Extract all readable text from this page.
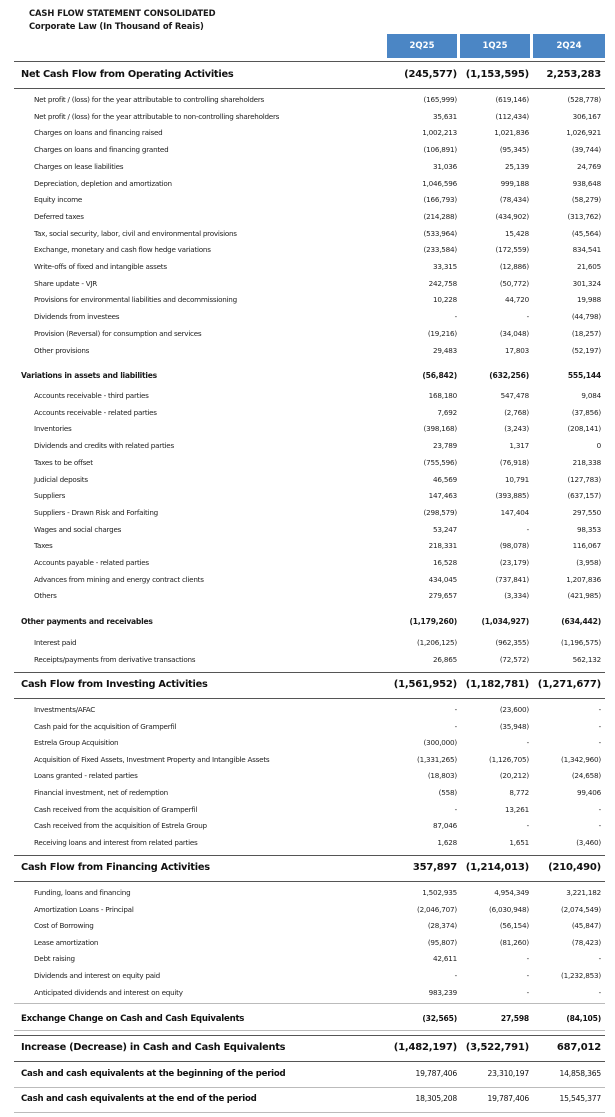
CASH FLOW STATEMENT CONSOLIDATED
Corporate Law (In Thousand of Reais)
2Q25	1Q25	2Q24
Net Cash Flow from Operating Activities	(245,577) (1,153,595) 2,253,283
Net profit / (loss) for the year attributable to controlling shareholders	(165,999)	(619,146)	(528,778)
Net profit / (loss) for the year attributable to non-controlling shareholders	35,631	(112,434)	306,167
Charges on loans and financing raised	1,002,213	1,021,836	1,026,921
Charges on loans and financing granted	(106,891)	(95,345)	(39,744)
Charges on lease liabilities	31,036	25,139	24,769
Depreciation, depletion and amortization	1,046,596	999,188	938,648
Equity income	(166,793)	(78,434)	(58,279)
Deferred taxes	(214,288)	(434,902)	(313,762)
Tax, social security, labor, civil and environmental provisions	(533,964)	15,428	(45,564)
Exchange, monetary and cash flow hedge variations	(233,584)	(172,559)	834,541
Write-offs of fixed and intangible assets	33,315	(12,886)	21,605
Share update - VJR	242,758	(50,772)	301,324
Provisions for environmental liabilities and decommissioning	10,228	44,720	19,988
Dividends from investees	-	-	(44,798)
Provision (Reversal) for consumption and services	(19,216)	(34,048)	(18,257)
Other provisions	29,483	17,803	(52,197)
Variations in assets and liabilities	(56,842)	(632,256)	555,144
Accounts receivable - third parties	168,180	547,478	9,084
Accounts receivable - related parties	7,692	(2,768)	(37,856)
Inventories	(398,168)	(3,243)	(208,141)
Dividends and credits with related parties	23,789	1,317	0
Taxes to be offset	(755,596)	(76,918)	218,338
Judicial deposits	46,569	10,791	(127,783)
Suppliers	147,463	(393,885)	(637,157)
Suppliers - Drawn Risk and Forfaiting	(298,579)	147,404	297,550
Wages and social charges	53,247	-	98,353
Taxes	218,331	(98,078)	116,067
Accounts payable - related parties	16,528	(23,179)	(3,958)
Advances from mining and energy contract clients	434,045	(737,841)	1,207,836
Others	279,657	(3,334)	(421,985)
Other payments and receivables	(1,179,260)	(1,034,927)	(634,442)
Interest paid	(1,206,125)	(962,355)	(1,196,575)
Receipts/payments from derivative transactions	26,865	(72,572)	562,132
Cash Flow from Investing Activities	(1,561,952) (1,182,781) (1,271,677)
Investments/AFAC	-	(23,600)	-
Cash paid for the acquisition of Gramperfil	-	(35,948)	-
Estrela Group Acquisition	(300,000)	-	-
Acquisition of Fixed Assets, Investment Property and Intangible Assets	(1,331,265)	(1,126,705)	(1,342,960)
Loans granted - related parties	(18,803)	(20,212)	(24,658)
Financial investment, net of redemption	(558)	8,772	99,406
Cash received from the acquisition of Gramperfil	-	13,261	-
Cash received from the acquisition of Estrela Group	87,046	-	-
Receiving loans and interest from related parties	1,628	1,651	(3,460)
Cash Flow from Financing Activities	357,897 (1,214,013) (210,490)
Funding, loans and financing	1,502,935	4,954,349	3,221,182
Amortization Loans - Principal	(2,046,707)	(6,030,948)	(2,074,549)
Cost of Borrowing	(28,374)	(56,154)	(45,847)
Lease amortization	(95,807)	(81,260)	(78,423)
Debt raising	42,611	-	-
Dividends and interest on equity paid	-	-	(1,232,853)
Anticipated dividends and interest on equity	983,239	-	-
Exchange Change on Cash and Cash Equivalents	(32,565)	27,598	(84,105)
Increase (Decrease) in Cash and Cash Equivalents	(1,482,197) (3,522,791)	687,012
Cash and cash equivalents at the beginning of the period	19,787,406	23,310,197	14,858,365
Cash and cash equivalents at the end of the period	18,305,208	19,787,406	15,545,377
